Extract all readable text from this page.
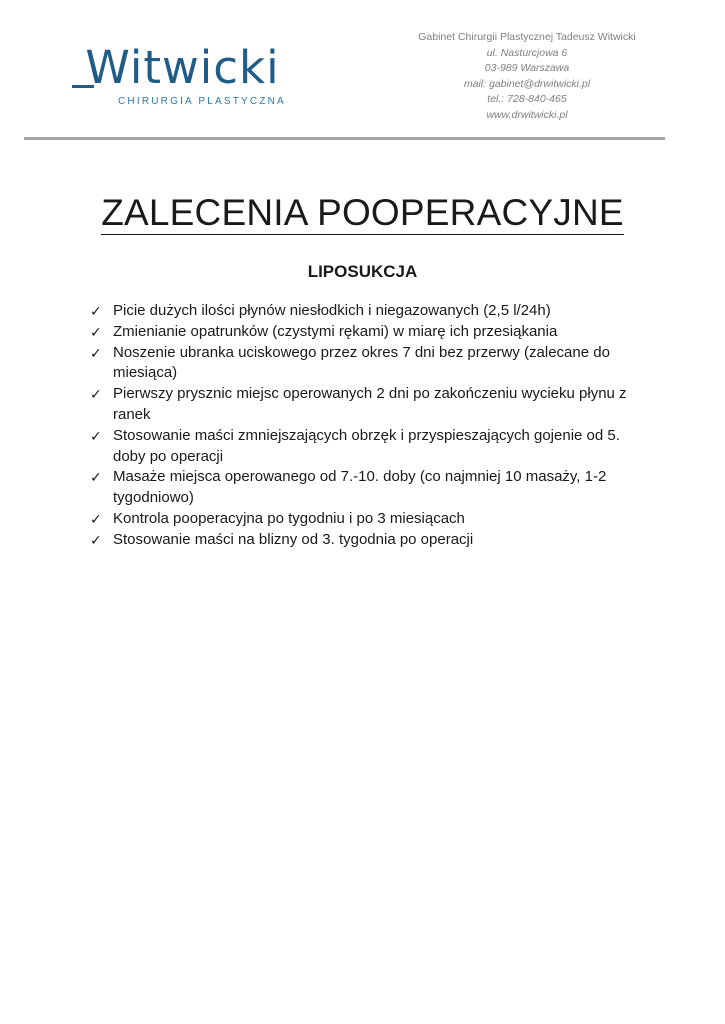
Witwicki
CHIRURGIA PLASTYCZNA
Gabinet Chirurgii Plastycznej Tadeusz Witwicki
ul. Nasturcjowa 6
03-989 Warszawa
mail: gabinet@drwitwicki.pl
tel.: 728-840-465
www.drwitwicki.pl
ZALECENIA POOPERACYJNE
LIPOSUKCJA
✓ Picie dużych ilości płynów niesłodkich i niegazowanych (2,5 l/24h)
✓ Zmienianie opatrunków (czystymi rękami) w miarę ich przesiąkania
✓ Noszenie ubranka uciskowego przez okres 7 dni bez przerwy (zalecane do miesiąca)
✓ Pierwszy prysznic miejsc operowanych 2 dni po zakończeniu wycieku płynu z ranek
✓ Stosowanie maści zmniejszających obrzęk i przyspieszających gojenie od 5. doby po operacji
✓ Masaże miejsca operowanego od 7.-10. doby (co najmniej 10 masaży, 1-2 tygodniowo)
✓ Kontrola pooperacyjna po tygodniu i po 3 miesiącach
✓ Stosowanie maści na blizny od 3. tygodnia po operacji
